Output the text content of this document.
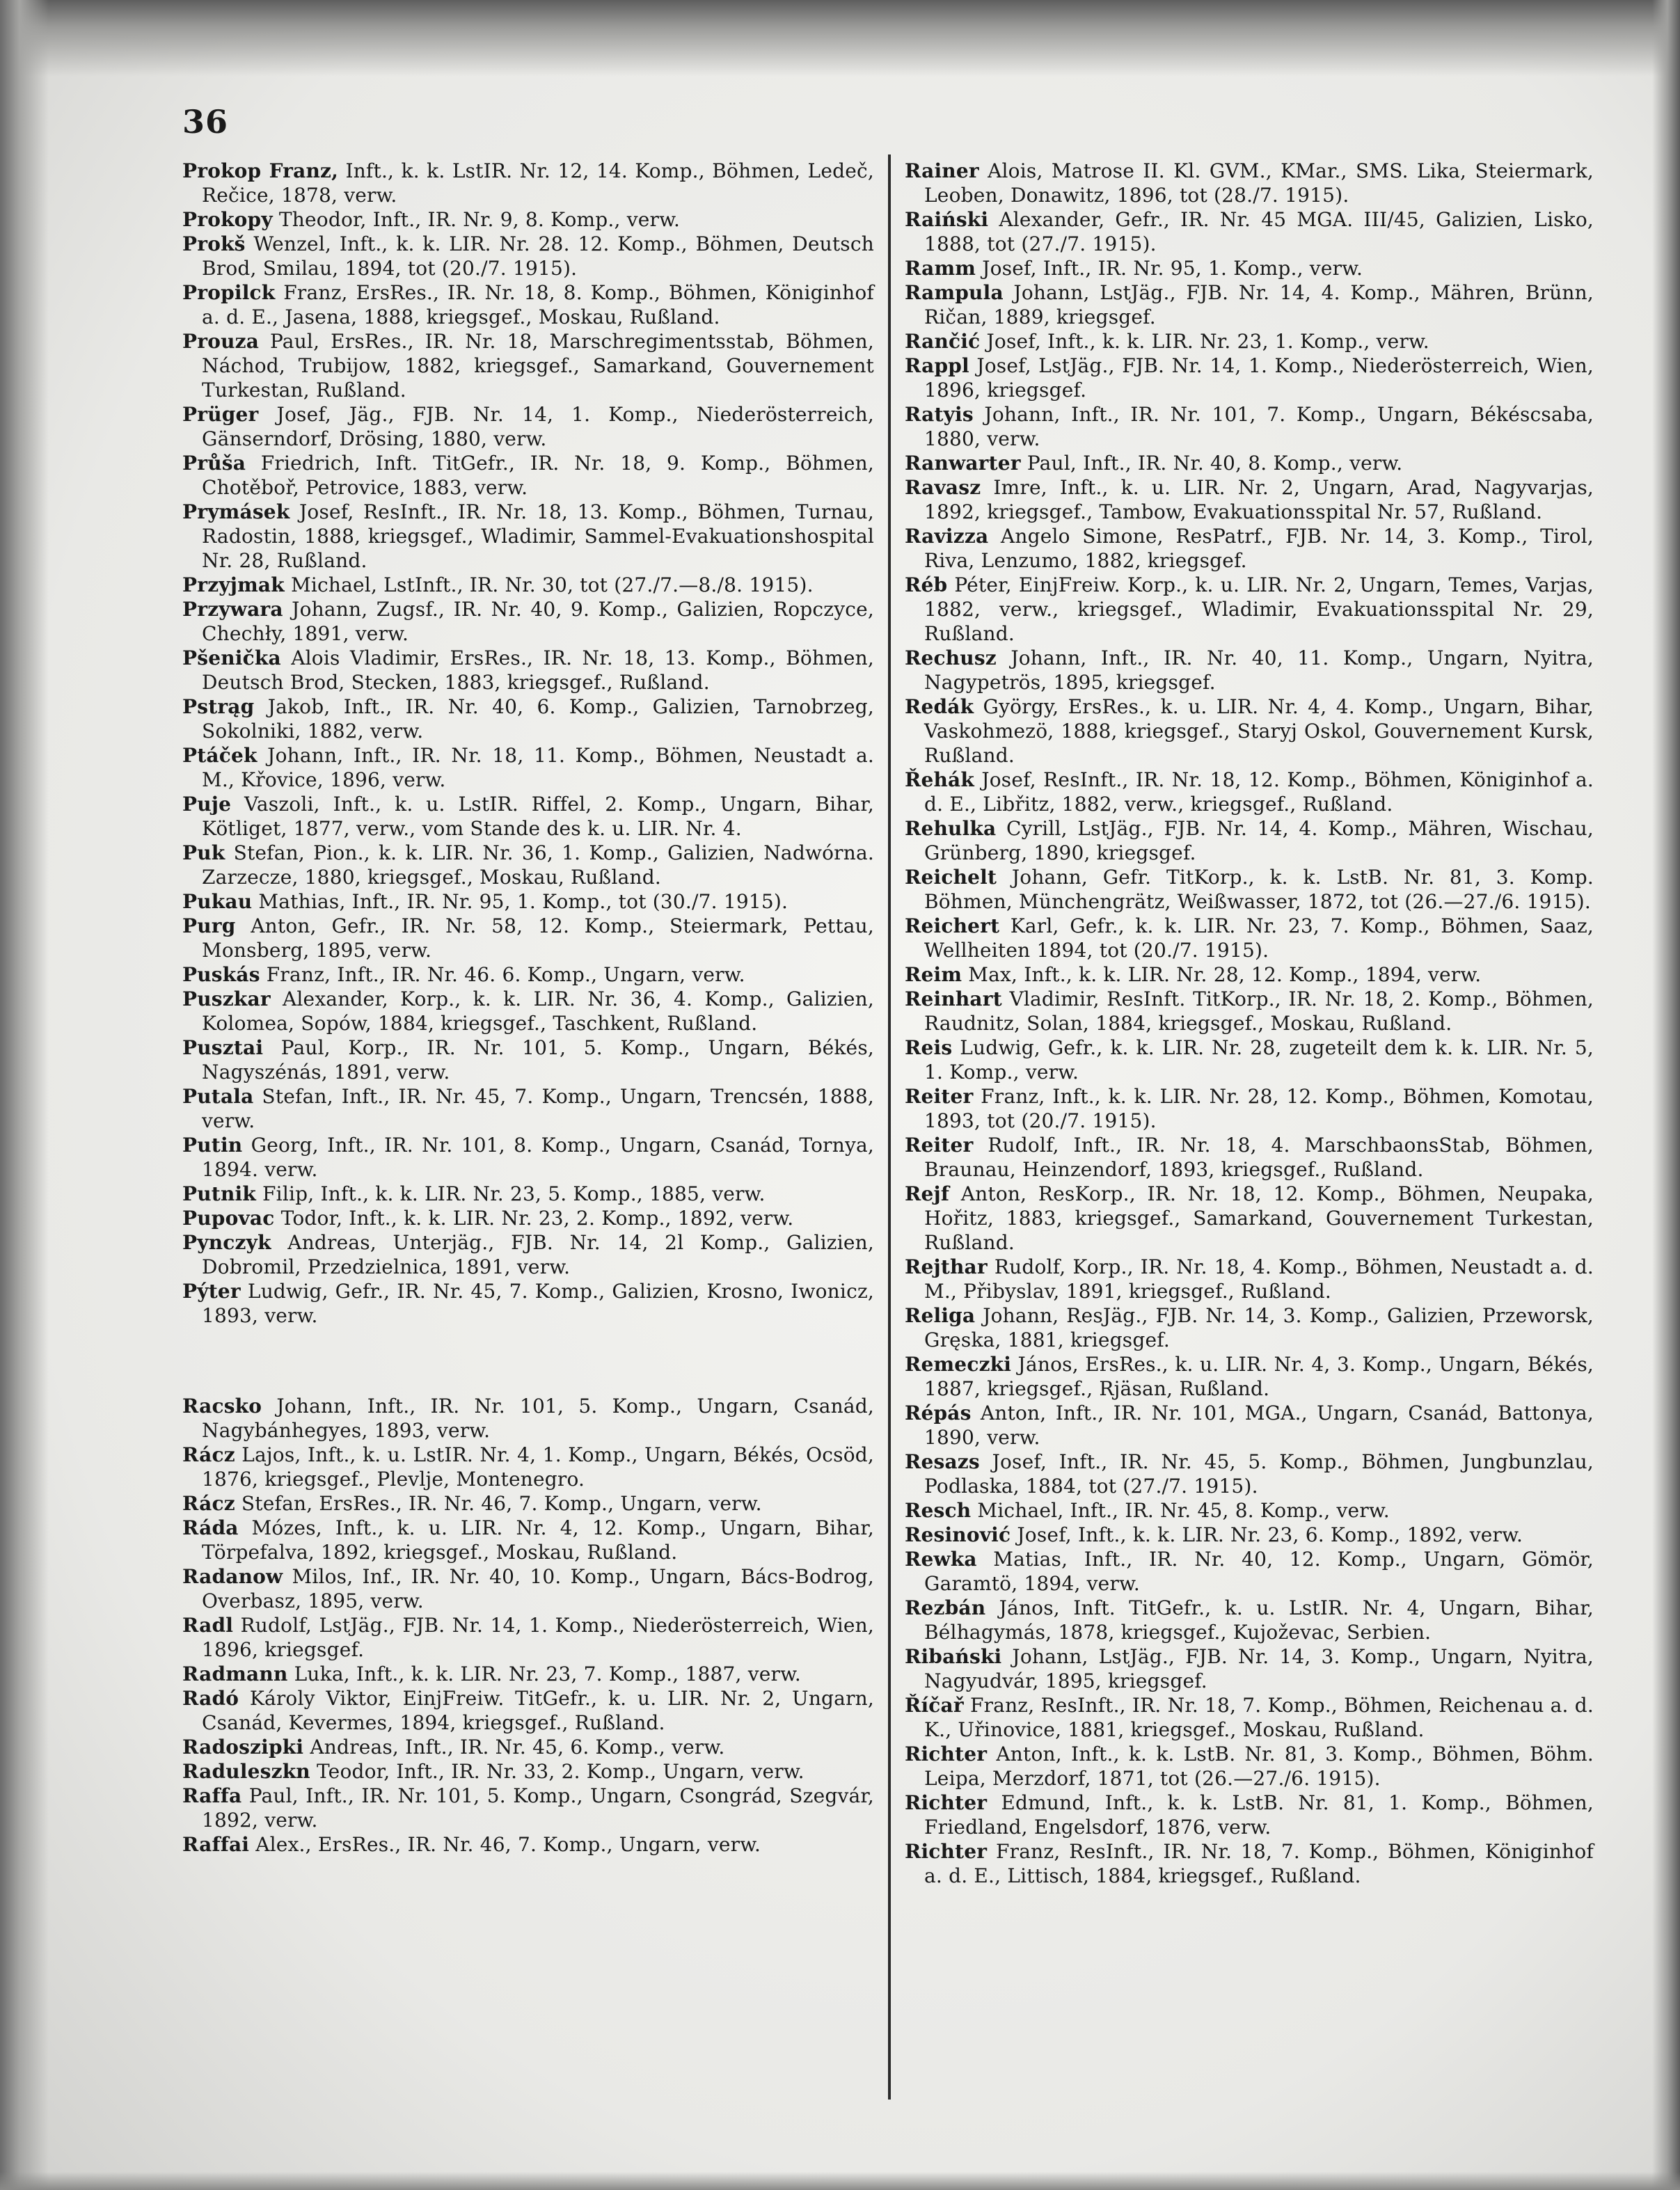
36

Prokop Franz, Inft., k. k. LstIR. Nr. 12, 14. Komp., Böhmen, Ledeč, Rečice, 1878, verw.

Prokopy Theodor, Inft., IR. Nr. 9, 8. Komp., verw.

Prokš Wenzel, Inft., k. k. LIR. Nr. 28. 12. Komp., Böhmen, Deutsch Brod, Smilau, 1894, tot (20./7. 1915).

Propilck Franz, ErsRes., IR. Nr. 18, 8. Komp., Böhmen, Königinhof a. d. E., Jasena, 1888, kriegsgef., Moskau, Rußland.

Prouza Paul, ErsRes., IR. Nr. 18, Marschregimentsstab, Böhmen, Náchod, Trubijow, 1882, kriegsgef., Samarkand, Gouvernement Turkestan, Rußland.

Prüger Josef, Jäg., FJB. Nr. 14, 1. Komp., Niederösterreich, Gänserndorf, Drösing, 1880, verw.

Průša Friedrich, Inft. TitGefr., IR. Nr. 18, 9. Komp., Böhmen, Chotěboř, Petrovice, 1883, verw.

Prymásek Josef, ResInft., IR. Nr. 18, 13. Komp., Böhmen, Turnau, Radostin, 1888, kriegsgef., Wladimir, Sammel-Evakuationshospital Nr. 28, Rußland.

Przyjmak Michael, LstInft., IR. Nr. 30, tot (27./7.—8./8. 1915).

Przywara Johann, Zugsf., IR. Nr. 40, 9. Komp., Galizien, Ropczyce, Chechły, 1891, verw.

Pšenička Alois Vladimir, ErsRes., IR. Nr. 18, 13. Komp., Böhmen, Deutsch Brod, Stecken, 1883, kriegsgef., Rußland.

Pstrąg Jakob, Inft., IR. Nr. 40, 6. Komp., Galizien, Tarnobrzeg, Sokolniki, 1882, verw.

Ptáček Johann, Inft., IR. Nr. 18, 11. Komp., Böhmen, Neustadt a. M., Křovice, 1896, verw.

Puje Vaszoli, Inft., k. u. LstIR. Riffel, 2. Komp., Ungarn, Bihar, Kötliget, 1877, verw., vom Stande des k. u. LIR. Nr. 4.

Puk Stefan, Pion., k. k. LIR. Nr. 36, 1. Komp., Galizien, Nadwórna. Zarzecze, 1880, kriegsgef., Moskau, Rußland.

Pukau Mathias, Inft., IR. Nr. 95, 1. Komp., tot (30./7. 1915).

Purg Anton, Gefr., IR. Nr. 58, 12. Komp., Steiermark, Pettau, Monsberg, 1895, verw.

Puskás Franz, Inft., IR. Nr. 46. 6. Komp., Ungarn, verw.

Puszkar Alexander, Korp., k. k. LIR. Nr. 36, 4. Komp., Galizien, Kolomea, Sopów, 1884, kriegsgef., Taschkent, Rußland.

Pusztai Paul, Korp., IR. Nr. 101, 5. Komp., Ungarn, Békés, Nagyszénás, 1891, verw.

Putala Stefan, Inft., IR. Nr. 45, 7. Komp., Ungarn, Trencsén, 1888, verw.

Putin Georg, Inft., IR. Nr. 101, 8. Komp., Ungarn, Csanád, Tornya, 1894. verw.

Putnik Filip, Inft., k. k. LIR. Nr. 23, 5. Komp., 1885, verw.

Pupovac Todor, Inft., k. k. LIR. Nr. 23, 2. Komp., 1892, verw.

Pynczyk Andreas, Unterjäg., FJB. Nr. 14, 2l Komp., Galizien, Dobromil, Przedzielnica, 1891, verw.

Pýter Ludwig, Gefr., IR. Nr. 45, 7. Komp., Galizien, Krosno, Iwonicz, 1893, verw.

Racsko Johann, Inft., IR. Nr. 101, 5. Komp., Ungarn, Csanád, Nagybánhegyes, 1893, verw.

Rácz Lajos, Inft., k. u. LstIR. Nr. 4, 1. Komp., Ungarn, Békés, Ocsöd, 1876, kriegsgef., Plevlje, Montenegro.

Rácz Stefan, ErsRes., IR. Nr. 46, 7. Komp., Ungarn, verw.

Ráda Mózes, Inft., k. u. LIR. Nr. 4, 12. Komp., Ungarn, Bihar, Törpefalva, 1892, kriegsgef., Moskau, Rußland.

Radanow Milos, Inf., IR. Nr. 40, 10. Komp., Ungarn, Bács-Bodrog, Overbasz, 1895, verw.

Radl Rudolf, LstJäg., FJB. Nr. 14, 1. Komp., Niederösterreich, Wien, 1896, kriegsgef.

Radmann Luka, Inft., k. k. LIR. Nr. 23, 7. Komp., 1887, verw.

Radó Károly Viktor, EinjFreiw. TitGefr., k. u. LIR. Nr. 2, Ungarn, Csanád, Kevermes, 1894, kriegsgef., Rußland.

Radoszipki Andreas, Inft., IR. Nr. 45, 6. Komp., verw.

Raduleszkn Teodor, Inft., IR. Nr. 33, 2. Komp., Ungarn, verw.

Raffa Paul, Inft., IR. Nr. 101, 5. Komp., Ungarn, Csongrád, Szegvár, 1892, verw.

Raffai Alex., ErsRes., IR. Nr. 46, 7. Komp., Ungarn, verw.

Rainer Alois, Matrose II. Kl. GVM., KMar., SMS. Lika, Steiermark, Leoben, Donawitz, 1896, tot (28./7. 1915).

Raiński Alexander, Gefr., IR. Nr. 45 MGA. III/45, Galizien, Lisko, 1888, tot (27./7. 1915).

Ramm Josef, Inft., IR. Nr. 95, 1. Komp., verw.

Rampula Johann, LstJäg., FJB. Nr. 14, 4. Komp., Mähren, Brünn, Ričan, 1889, kriegsgef.

Rančić Josef, Inft., k. k. LIR. Nr. 23, 1. Komp., verw.

Rappl Josef, LstJäg., FJB. Nr. 14, 1. Komp., Niederösterreich, Wien, 1896, kriegsgef.

Ratyis Johann, Inft., IR. Nr. 101, 7. Komp., Ungarn, Békéscsaba, 1880, verw.

Ranwarter Paul, Inft., IR. Nr. 40, 8. Komp., verw.

Ravasz Imre, Inft., k. u. LIR. Nr. 2, Ungarn, Arad, Nagyvarjas, 1892, kriegsgef., Tambow, Evakuationsspital Nr. 57, Rußland.

Ravizza Angelo Simone, ResPatrf., FJB. Nr. 14, 3. Komp., Tirol, Riva, Lenzumo, 1882, kriegsgef.

Réb Péter, EinjFreiw. Korp., k. u. LIR. Nr. 2, Ungarn, Temes, Varjas, 1882, verw., kriegsgef., Wladimir, Evakuationsspital Nr. 29, Rußland.

Rechusz Johann, Inft., IR. Nr. 40, 11. Komp., Ungarn, Nyitra, Nagypetrös, 1895, kriegsgef.

Redák György, ErsRes., k. u. LIR. Nr. 4, 4. Komp., Ungarn, Bihar, Vaskohmezö, 1888, kriegsgef., Staryj Oskol, Gouvernement Kursk, Rußland.

Řehák Josef, ResInft., IR. Nr. 18, 12. Komp., Böhmen, Königinhof a. d. E., Libřitz, 1882, verw., kriegsgef., Rußland.

Rehulka Cyrill, LstJäg., FJB. Nr. 14, 4. Komp., Mähren, Wischau, Grünberg, 1890, kriegsgef.

Reichelt Johann, Gefr. TitKorp., k. k. LstB. Nr. 81, 3. Komp. Böhmen, Münchengrätz, Weißwasser, 1872, tot (26.—27./6. 1915).

Reichert Karl, Gefr., k. k. LIR. Nr. 23, 7. Komp., Böhmen, Saaz, Wellheiten 1894, tot (20./7. 1915).

Reim Max, Inft., k. k. LIR. Nr. 28, 12. Komp., 1894, verw.

Reinhart Vladimir, ResInft. TitKorp., IR. Nr. 18, 2. Komp., Böhmen, Raudnitz, Solan, 1884, kriegsgef., Moskau, Rußland.

Reis Ludwig, Gefr., k. k. LIR. Nr. 28, zugeteilt dem k. k. LIR. Nr. 5, 1. Komp., verw.

Reiter Franz, Inft., k. k. LIR. Nr. 28, 12. Komp., Böhmen, Komotau, 1893, tot (20./7. 1915).

Reiter Rudolf, Inft., IR. Nr. 18, 4. MarschbaonsStab, Böhmen, Braunau, Heinzendorf, 1893, kriegsgef., Rußland.

Rejf Anton, ResKorp., IR. Nr. 18, 12. Komp., Böhmen, Neupaka, Hořitz, 1883, kriegsgef., Samarkand, Gouvernement Turkestan, Rußland.

Rejthar Rudolf, Korp., IR. Nr. 18, 4. Komp., Böhmen, Neustadt a. d. M., Přibyslav, 1891, kriegsgef., Rußland.

Religa Johann, ResJäg., FJB. Nr. 14, 3. Komp., Galizien, Przeworsk, Gręska, 1881, kriegsgef.

Remeczki János, ErsRes., k. u. LIR. Nr. 4, 3. Komp., Ungarn, Békés, 1887, kriegsgef., Rjäsan, Rußland.

Répás Anton, Inft., IR. Nr. 101, MGA., Ungarn, Csanád, Battonya, 1890, verw.

Resazs Josef, Inft., IR. Nr. 45, 5. Komp., Böhmen, Jungbunzlau, Podlaska, 1884, tot (27./7. 1915).

Resch Michael, Inft., IR. Nr. 45, 8. Komp., verw.

Resinović Josef, Inft., k. k. LIR. Nr. 23, 6. Komp., 1892, verw.

Rewka Matias, Inft., IR. Nr. 40, 12. Komp., Ungarn, Gömör, Garamtö, 1894, verw.

Rezbán János, Inft. TitGefr., k. u. LstIR. Nr. 4, Ungarn, Bihar, Bélhagymás, 1878, kriegsgef., Kujoževac, Serbien.

Ribański Johann, LstJäg., FJB. Nr. 14, 3. Komp., Ungarn, Nyitra, Nagyudvár, 1895, kriegsgef.

Říčař Franz, ResInft., IR. Nr. 18, 7. Komp., Böhmen, Reichenau a. d. K., Uřinovice, 1881, kriegsgef., Moskau, Rußland.

Richter Anton, Inft., k. k. LstB. Nr. 81, 3. Komp., Böhmen, Böhm. Leipa, Merzdorf, 1871, tot (26.—27./6. 1915).

Richter Edmund, Inft., k. k. LstB. Nr. 81, 1. Komp., Böhmen, Friedland, Engelsdorf, 1876, verw.

Richter Franz, ResInft., IR. Nr. 18, 7. Komp., Böhmen, Königinhof a. d. E., Littisch, 1884, kriegsgef., Rußland.
